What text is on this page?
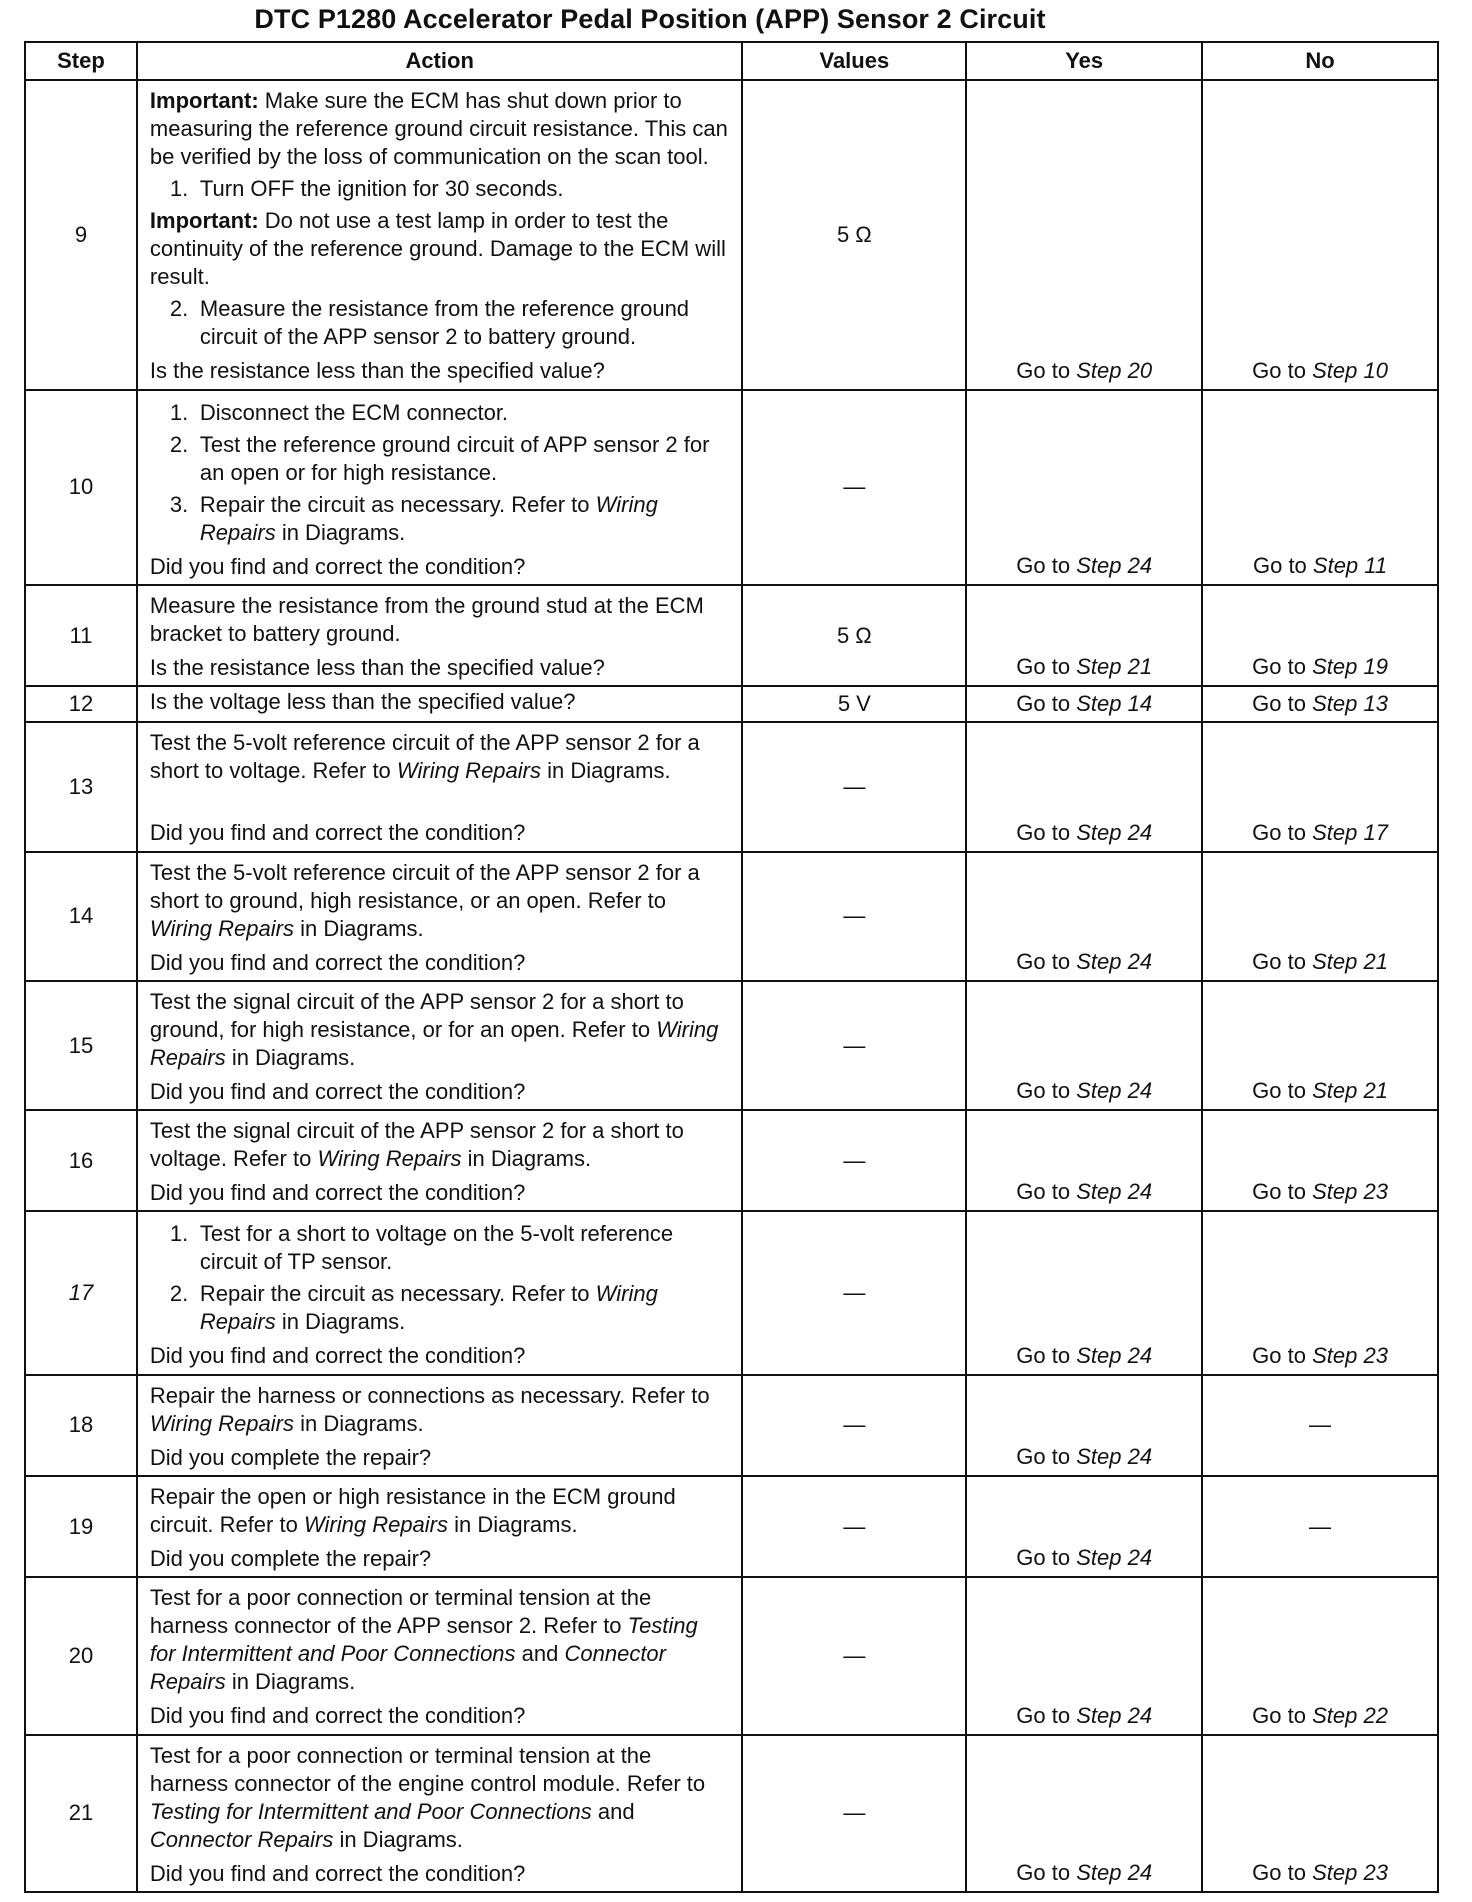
DTC P1280 Accelerator Pedal Position (APP) Sensor 2 Circuit
Step	Action	Values	Yes	No
9	Important: Make sure the ECM has shut down prior to measuring the reference ground circuit resistance. This can be verified by the loss of communication on the scan tool.
1. Turn OFF the ignition for 30 seconds.
Important: Do not use a test lamp in order to test the continuity of the reference ground. Damage to the ECM will result.
2. Measure the resistance from the reference ground circuit of the APP sensor 2 to battery ground.
Is the resistance less than the specified value?	5 Ω	Go to Step 20	Go to Step 10
10	1. Disconnect the ECM connector.
2. Test the reference ground circuit of APP sensor 2 for an open or for high resistance.
3. Repair the circuit as necessary. Refer to Wiring Repairs in Diagrams.
Did you find and correct the condition?	—	Go to Step 24	Go to Step 11
11	Measure the resistance from the ground stud at the ECM bracket to battery ground.
Is the resistance less than the specified value?	5 Ω	Go to Step 21	Go to Step 19
12	Is the voltage less than the specified value?	5 V	Go to Step 14	Go to Step 13
13	Test the 5-volt reference circuit of the APP sensor 2 for a short to voltage. Refer to Wiring Repairs in Diagrams.
Did you find and correct the condition?	—	Go to Step 24	Go to Step 17
14	Test the 5-volt reference circuit of the APP sensor 2 for a short to ground, high resistance, or an open. Refer to Wiring Repairs in Diagrams.
Did you find and correct the condition?	—	Go to Step 24	Go to Step 21
15	Test the signal circuit of the APP sensor 2 for a short to ground, for high resistance, or for an open. Refer to Wiring Repairs in Diagrams.
Did you find and correct the condition?	—	Go to Step 24	Go to Step 21
16	Test the signal circuit of the APP sensor 2 for a short to voltage. Refer to Wiring Repairs in Diagrams.
Did you find and correct the condition?	—	Go to Step 24	Go to Step 23
17	1. Test for a short to voltage on the 5-volt reference circuit of TP sensor.
2. Repair the circuit as necessary. Refer to Wiring Repairs in Diagrams.
Did you find and correct the condition?	—	Go to Step 24	Go to Step 23
18	Repair the harness or connections as necessary. Refer to Wiring Repairs in Diagrams.
Did you complete the repair?	—	Go to Step 24	—
19	Repair the open or high resistance in the ECM ground circuit. Refer to Wiring Repairs in Diagrams.
Did you complete the repair?	—	Go to Step 24	—
20	Test for a poor connection or terminal tension at the harness connector of the APP sensor 2. Refer to Testing for Intermittent and Poor Connections and Connector Repairs in Diagrams.
Did you find and correct the condition?	—	Go to Step 24	Go to Step 22
21	Test for a poor connection or terminal tension at the harness connector of the engine control module. Refer to Testing for Intermittent and Poor Connections and Connector Repairs in Diagrams.
Did you find and correct the condition?	—	Go to Step 24	Go to Step 23
